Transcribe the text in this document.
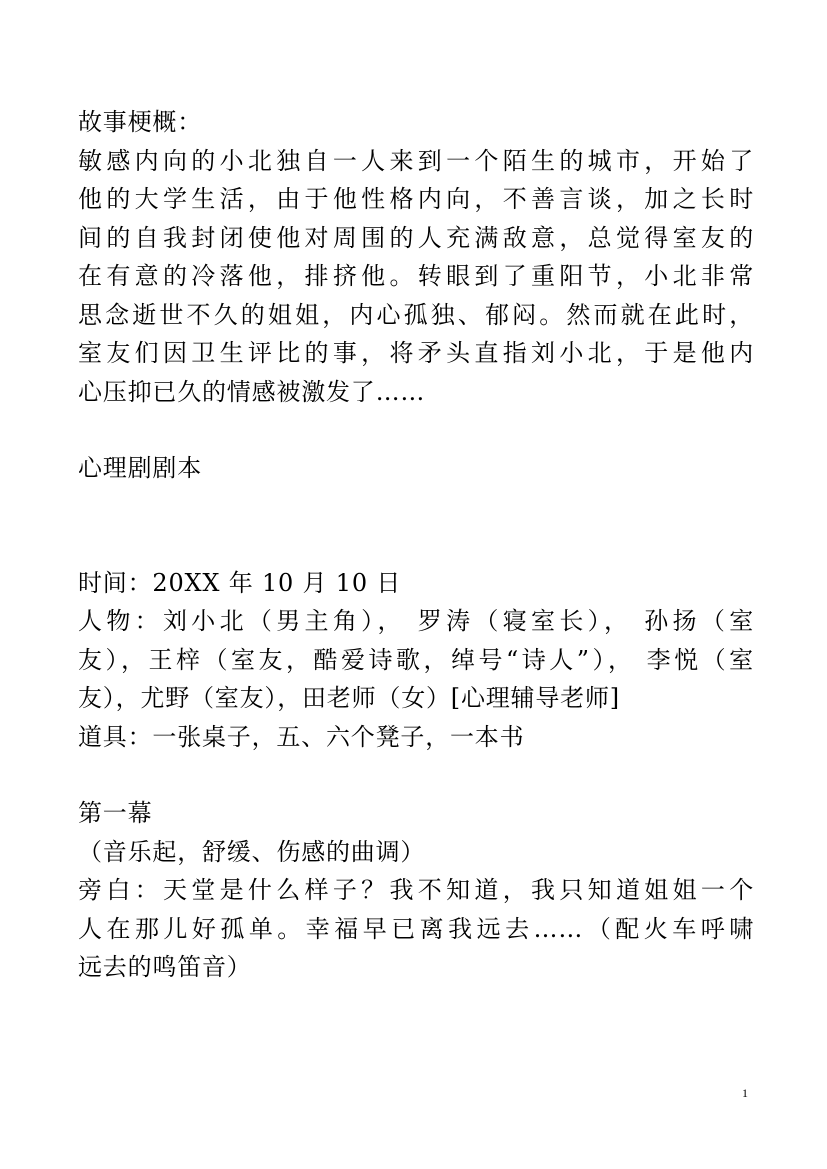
故事梗概：
敏感内向的小北独自一人来到一个陌生的城市，开始了
他的大学生活，由于他性格内向，不善言谈，加之长时
间的自我封闭使他对周围的人充满敌意，总觉得室友的
在有意的冷落他，排挤他。转眼到了重阳节，小北非常
思念逝世不久的姐姐，内心孤独、郁闷。然而就在此时，
室友们因卫生评比的事，将矛头直指刘小北，于是他内
心压抑已久的情感被激发了……
心理剧剧本
时间：20XX 年 10 月 10 日
人物：刘小北（男主角）， 罗涛（寝室长）， 孙扬（室
友），王梓（室友，酷爱诗歌，绰号“诗人”）， 李悦（室
友），尤野（室友），田老师（女）[心理辅导老师]
道具：一张桌子，五、六个凳子，一本书
第一幕
（音乐起，舒缓、伤感的曲调）
旁白：天堂是什么样子？我不知道，我只知道姐姐一个
人在那儿好孤单。幸福早已离我远去……（配火车呼啸
远去的鸣笛音）
1
